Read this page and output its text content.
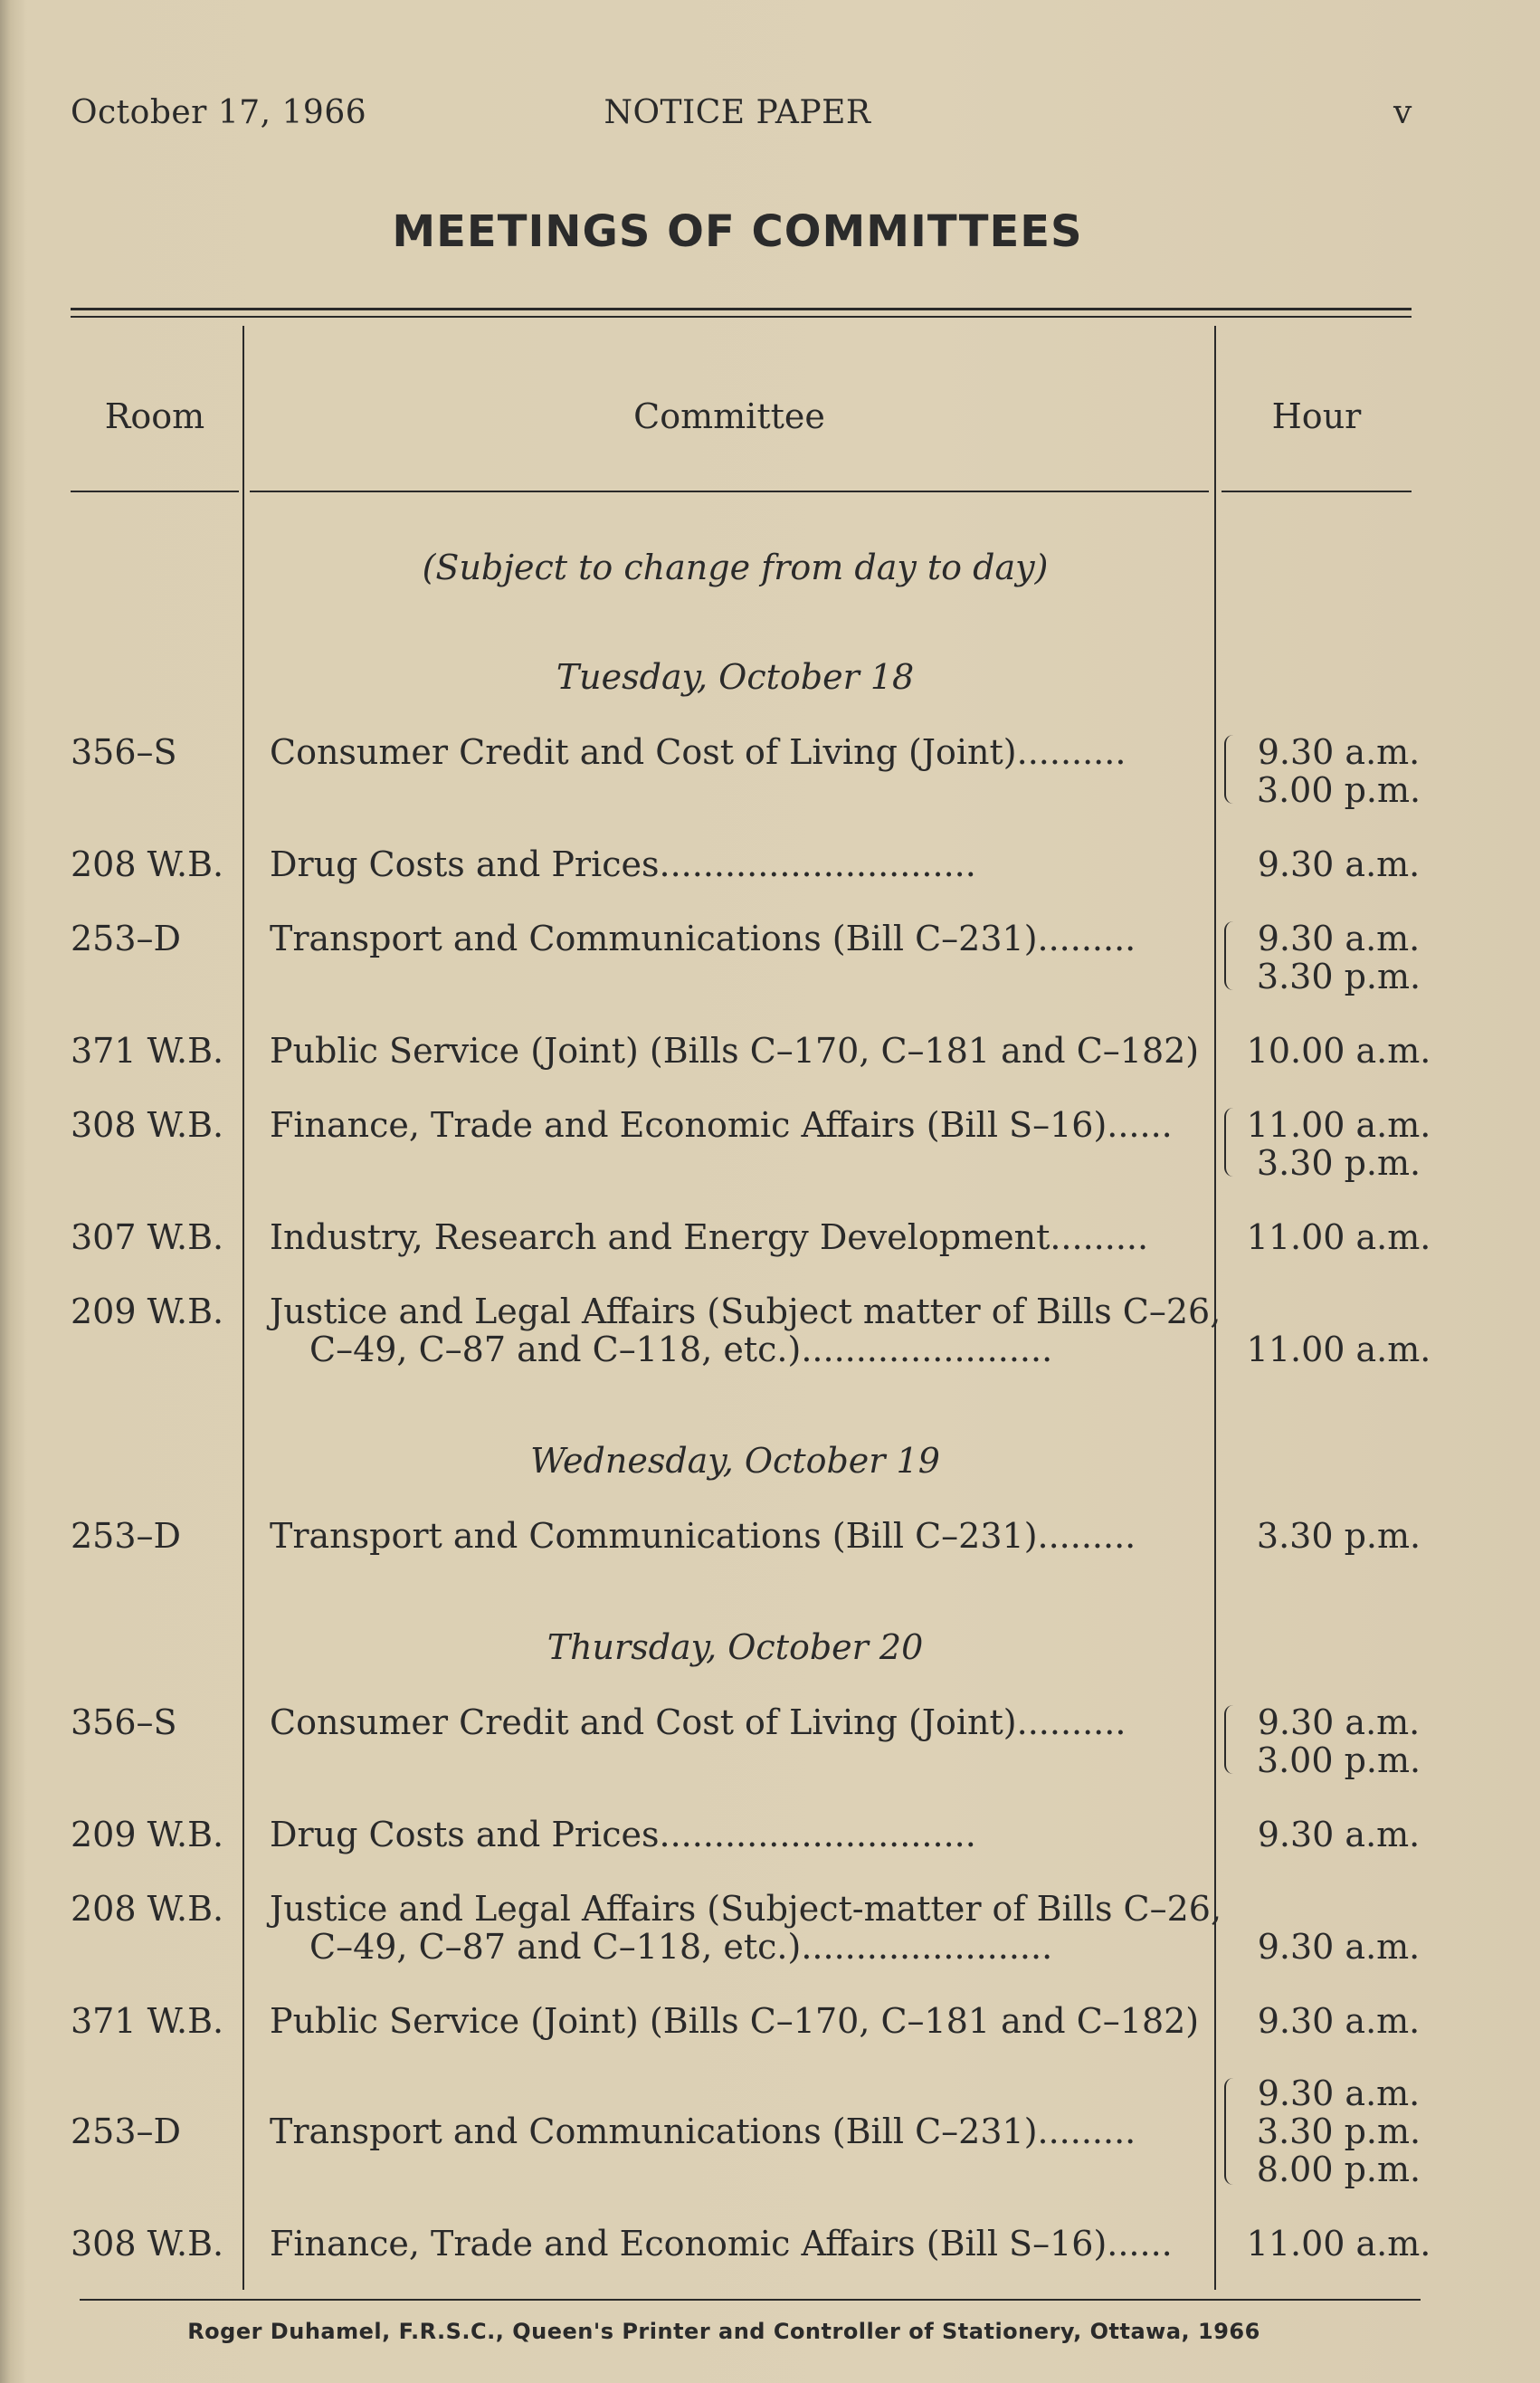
October 17, 1966	NOTICE PAPER	v
MEETINGS OF COMMITTEES
Room	Committee	Hour
(Subject to change from day to day)
Tuesday, October 18
Wednesday, October 19
Thursday, October 20
356–S	Consumer Credit and Cost of Living (Joint)..........	9.30 a.m.
3.00 p.m.
208 W.B. Drug Costs and Prices.............................	9.30 a.m.
253–D	Transport and Communications (Bill C–231).........	9.30 a.m.
3.30 p.m.
371 W.B. Public Service (Joint) (Bills C–170, C–181 and C–182)	10.00 a.m.
308 W.B. Finance, Trade and Economic Affairs (Bill S–16)......	11.00 a.m.
3.30 p.m.
307 W.B. Industry, Research and Energy Development.........	11.00 a.m.
209 W.B. Justice and Legal Affairs (Subject matter of Bills C–26,
C–49, C–87 and C–118, etc.).......................	11.00 a.m.
253–D	Transport and Communications (Bill C–231).........	3.30 p.m.
356–S	Consumer Credit and Cost of Living (Joint)..........	9.30 a.m.
3.00 p.m.
209 W.B. Drug Costs and Prices.............................	9.30 a.m.
208 W.B. Justice and Legal Affairs (Subject-matter of Bills C–26,
C–49, C–87 and C–118, etc.).......................	9.30 a.m.
371 W.B. Public Service (Joint) (Bills C–170, C–181 and C–182)	9.30 a.m.
253–D	Transport and Communications (Bill C–231).........
9.30 a.m.
3.30 p.m.
8.00 p.m.
308 W.B. Finance, Trade and Economic Affairs (Bill S–16)......	11.00 a.m.
Roger Duhamel, F.R.S.C., Queen's Printer and Controller of Stationery, Ottawa, 1966
